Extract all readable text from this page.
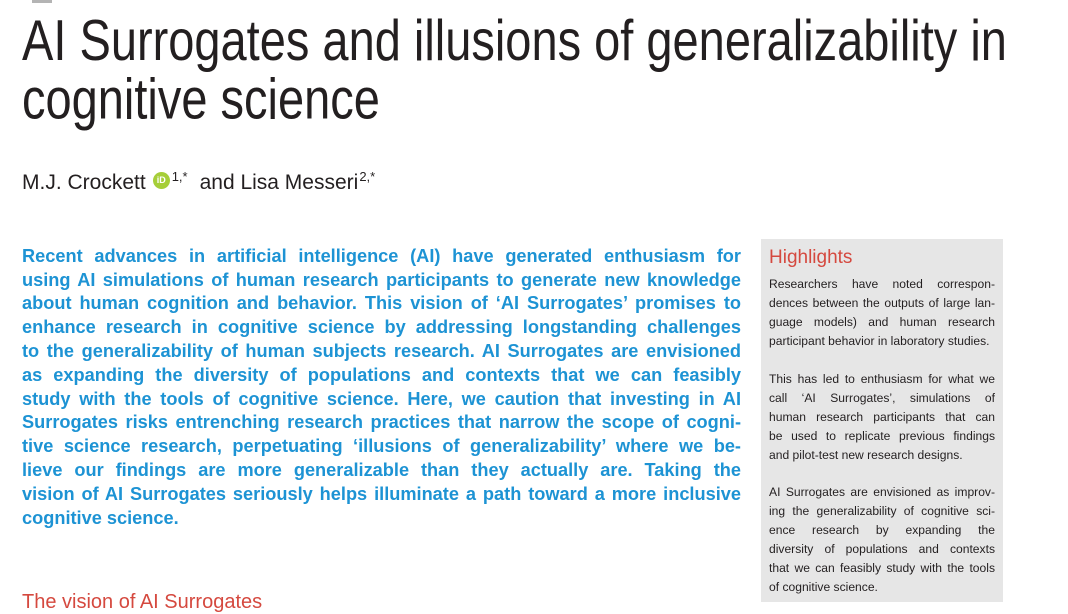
AI Surrogates and illusions of generalizability in
cognitive science
M.J. Crockett iD $^{1,*}$ and Lisa Messeri$^{2,*}$
Recent advances in artificial intelligence (AI) have generated enthusiasm for
using AI simulations of human research participants to generate new knowledge
about human cognition and behavior. This vision of ‘AI Surrogates’ promises to
enhance research in cognitive science by addressing longstanding challenges
to the generalizability of human subjects research. AI Surrogates are envisioned
as expanding the diversity of populations and contexts that we can feasibly
study with the tools of cognitive science. Here, we caution that investing in AI
Surrogates risks entrenching research practices that narrow the scope of cogni-
tive science research, perpetuating ‘illusions of generalizability’ where we be-
lieve our findings are more generalizable than they actually are. Taking the
vision of AI Surrogates seriously helps illuminate a path toward a more inclusive
cognitive science.
Highlights
Researchers have noted correspon-
dences between the outputs of large lan-
guage models) and human research
participant behavior in laboratory studies.
This has led to enthusiasm for what we
call ‘AI Surrogates’, simulations of
human research participants that can
be used to replicate previous findings
and pilot-test new research designs.
AI Surrogates are envisioned as improv-
ing the generalizability of cognitive sci-
ence research by expanding the
diversity of populations and contexts
that we can feasibly study with the tools
of cognitive science.
The vision of AI Surrogates
